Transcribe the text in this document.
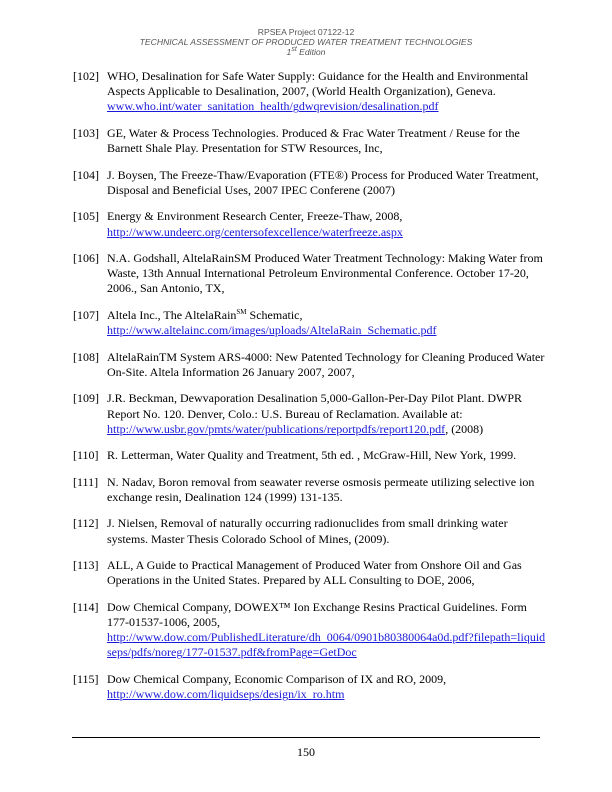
RPSEA Project 07122-12
TECHNICAL ASSESSMENT OF PRODUCED WATER TREATMENT TECHNOLOGIES
1st Edition
[102] WHO, Desalination for Safe Water Supply: Guidance for the Health and Environmental Aspects Applicable to Desalination, 2007, (World Health Organization), Geneva.
www.who.int/water_sanitation_health/gdwqrevision/desalination.pdf
[103] GE, Water & Process Technologies. Produced & Frac Water Treatment / Reuse for the Barnett Shale Play. Presentation for STW Resources, Inc,
[104] J. Boysen, The Freeze-Thaw/Evaporation (FTE®) Process for Produced Water Treatment, Disposal and Beneficial Uses, 2007 IPEC Conferene (2007)
[105] Energy & Environment Research Center, Freeze-Thaw, 2008,
http://www.undeerc.org/centersofexcellence/waterfreeze.aspx
[106] N.A. Godshall, AltelaRainSM Produced Water Treatment Technology: Making Water from Waste, 13th Annual International Petroleum Environmental Conference. October 17-20, 2006., San Antonio, TX,
[107] Altela Inc., The AltelaRain℠ Schematic,
http://www.altelainc.com/images/uploads/AltelaRain_Schematic.pdf
[108] AltelaRainTM System ARS-4000: New Patented Technology for Cleaning Produced Water On-Site. Altela Information 26 January 2007, 2007,
[109] J.R. Beckman, Dewvaporation Desalination 5,000-Gallon-Per-Day Pilot Plant. DWPR Report No. 120. Denver, Colo.: U.S. Bureau of Reclamation. Available at:
http://www.usbr.gov/pmts/water/publications/reportpdfs/report120.pdf, (2008)
[110] R. Letterman, Water Quality and Treatment, 5th ed. , McGraw-Hill, New York, 1999.
[111] N. Nadav, Boron removal from seawater reverse osmosis permeate utilizing selective ion exchange resin, Dealination 124 (1999) 131-135.
[112] J. Nielsen, Removal of naturally occurring radionuclides from small drinking water systems. Master Thesis Colorado School of Mines, (2009).
[113] ALL, A Guide to Practical Management of Produced Water from Onshore Oil and Gas Operations in the United States. Prepared by ALL Consulting to DOE, 2006,
[114] Dow Chemical Company, DOWEX™ Ion Exchange Resins Practical Guidelines. Form 177-01537-1006, 2005,
http://www.dow.com/PublishedLiterature/dh_0064/0901b80380064a0d.pdf?filepath=liquidseps/pdfs/noreg/177-01537.pdf&fromPage=GetDoc
[115] Dow Chemical Company, Economic Comparison of IX and RO, 2009,
http://www.dow.com/liquidseps/design/ix_ro.htm
150
